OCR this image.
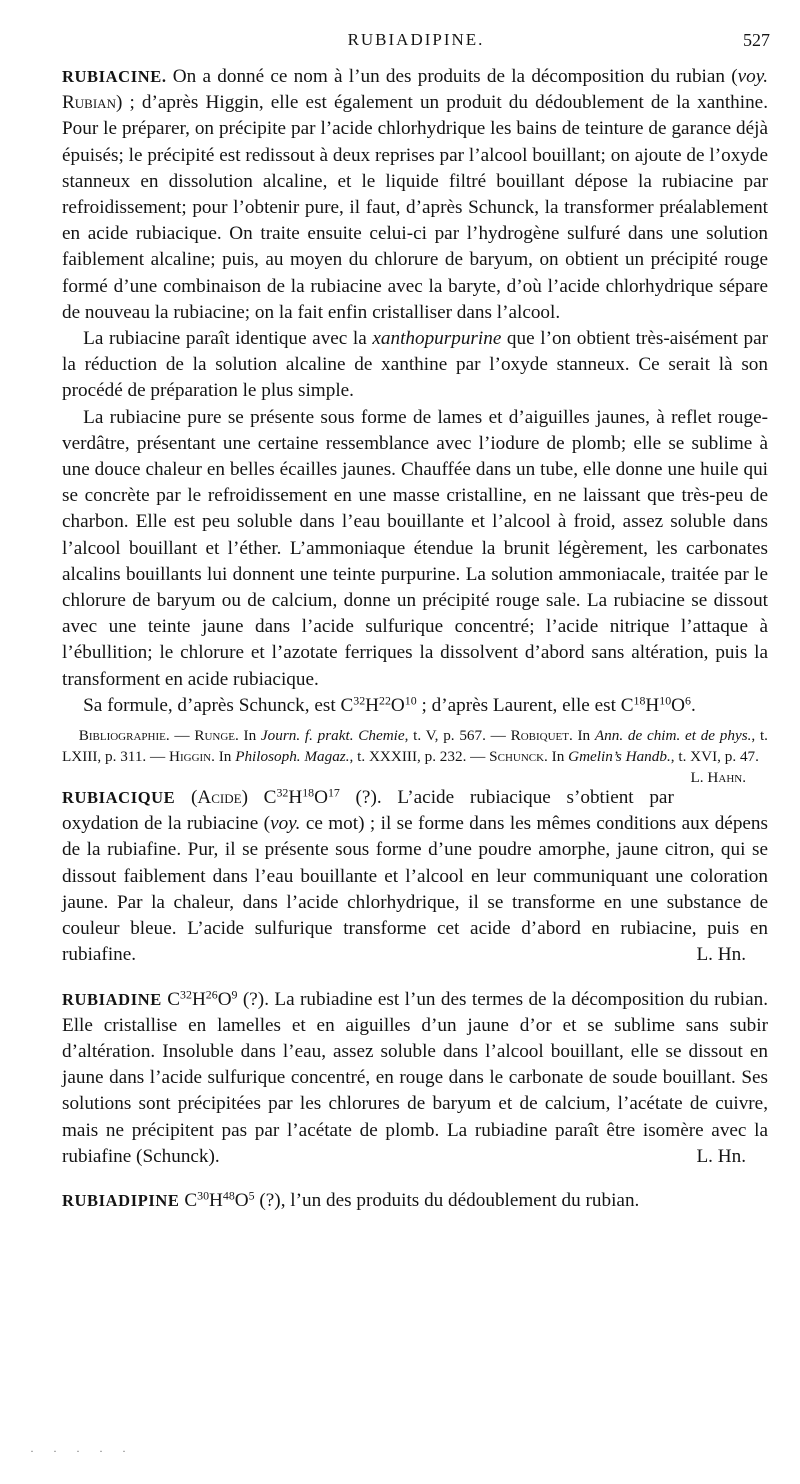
RUBIADIPINE.	527

RUBIACINE. On a donné ce nom à l’un des produits de la décomposition du rubian (voy. Rubian) ; d’après Higgin, elle est également un produit du dédoublement de la xanthine. Pour le préparer, on précipite par l’acide chlorhydrique les bains de teinture de garance déjà épuisés; le précipité est redissout à deux reprises par l’alcool bouillant; on ajoute de l’oxyde stanneux en dissolution alcaline, et le liquide filtré bouillant dépose la rubiacine par refroidissement; pour l’obtenir pure, il faut, d’après Schunck, la transformer préalablement en acide rubiacique. On traite ensuite celui-ci par l’hydrogène sulfuré dans une solution faiblement alcaline; puis, au moyen du chlorure de baryum, on obtient un précipité rouge formé d’une combinaison de la rubiacine avec la baryte, d’où l’acide chlorhydrique sépare de nouveau la rubiacine; on la fait enfin cristalliser dans l’alcool.

La rubiacine paraît identique avec la xanthopurpurine que l’on obtient très-aisément par la réduction de la solution alcaline de xanthine par l’oxyde stanneux. Ce serait là son procédé de préparation le plus simple.

La rubiacine pure se présente sous forme de lames et d’aiguilles jaunes, à reflet rouge-verdâtre, présentant une certaine ressemblance avec l’iodure de plomb; elle se sublime à une douce chaleur en belles écailles jaunes. Chauffée dans un tube, elle donne une huile qui se concrète par le refroidissement en une masse cristalline, en ne laissant que très-peu de charbon. Elle est peu soluble dans l’eau bouillante et l’alcool à froid, assez soluble dans l’alcool bouillant et l’éther. L’ammoniaque étendue la brunit légèrement, les carbonates alcalins bouillants lui donnent une teinte purpurine. La solution ammoniacale, traitée par le chlorure de baryum ou de calcium, donne un précipité rouge sale. La rubiacine se dissout avec une teinte jaune dans l’acide sulfurique concentré; l’acide nitrique l’attaque à l’ébullition; le chlorure et l’azotate ferriques la dissolvent d’abord sans altération, puis la transforment en acide rubiacique.

Sa formule, d’après Schunck, est $C^{32}H^{22}O^{10}$ ; d’après Laurent, elle est $C^{18}H^{10}O^6$.

Bibliographie. — Runge. In Journ. f. prakt. Chemie, t. V, p. 567. — Robiquet. In Ann. de chim. et de phys., t. LXIII, p. 311. — Higgin. In Philosoph. Magaz., t. XXXIII, p. 232. — Schunck. In Gmelin’s Handb., t. XVI, p. 47.
L. Hahn.

RUBIACIQUE (Acide) $C^{32}H^{18}O^{17}$ (?). L’acide rubiacique s’obtient par oxydation de la rubiacine (voy. ce mot) ; il se forme dans les mêmes conditions aux dépens de la rubiafine. Pur, il se présente sous forme d’une poudre amorphe, jaune citron, qui se dissout faiblement dans l’eau bouillante et l’alcool en leur communiquant une coloration jaune. Par la chaleur, dans l’acide chlorhydrique, il se transforme en une substance de couleur bleue. L’acide sulfurique transforme cet acide d’abord en rubiacine, puis en rubiafine.	L. Hn.

RUBIADINE $C^{32}H^{26}O^9$ (?). La rubiadine est l’un des termes de la décomposition du rubian. Elle cristallise en lamelles et en aiguilles d’un jaune d’or et se sublime sans subir d’altération. Insoluble dans l’eau, assez soluble dans l’alcool bouillant, elle se dissout en jaune dans l’acide sulfurique concentré, en rouge dans le carbonate de soude bouillant. Ses solutions sont précipitées par les chlorures de baryum et de calcium, l’acétate de cuivre, mais ne précipitent pas par l’acétate de plomb. La rubiadine paraît être isomère avec la rubiafine (Schunck).	L. Hn.

RUBIADIPINE $C^{30}H^{48}O^5$ (?), l’un des produits du dédoublement du rubian.

· · · · ·
